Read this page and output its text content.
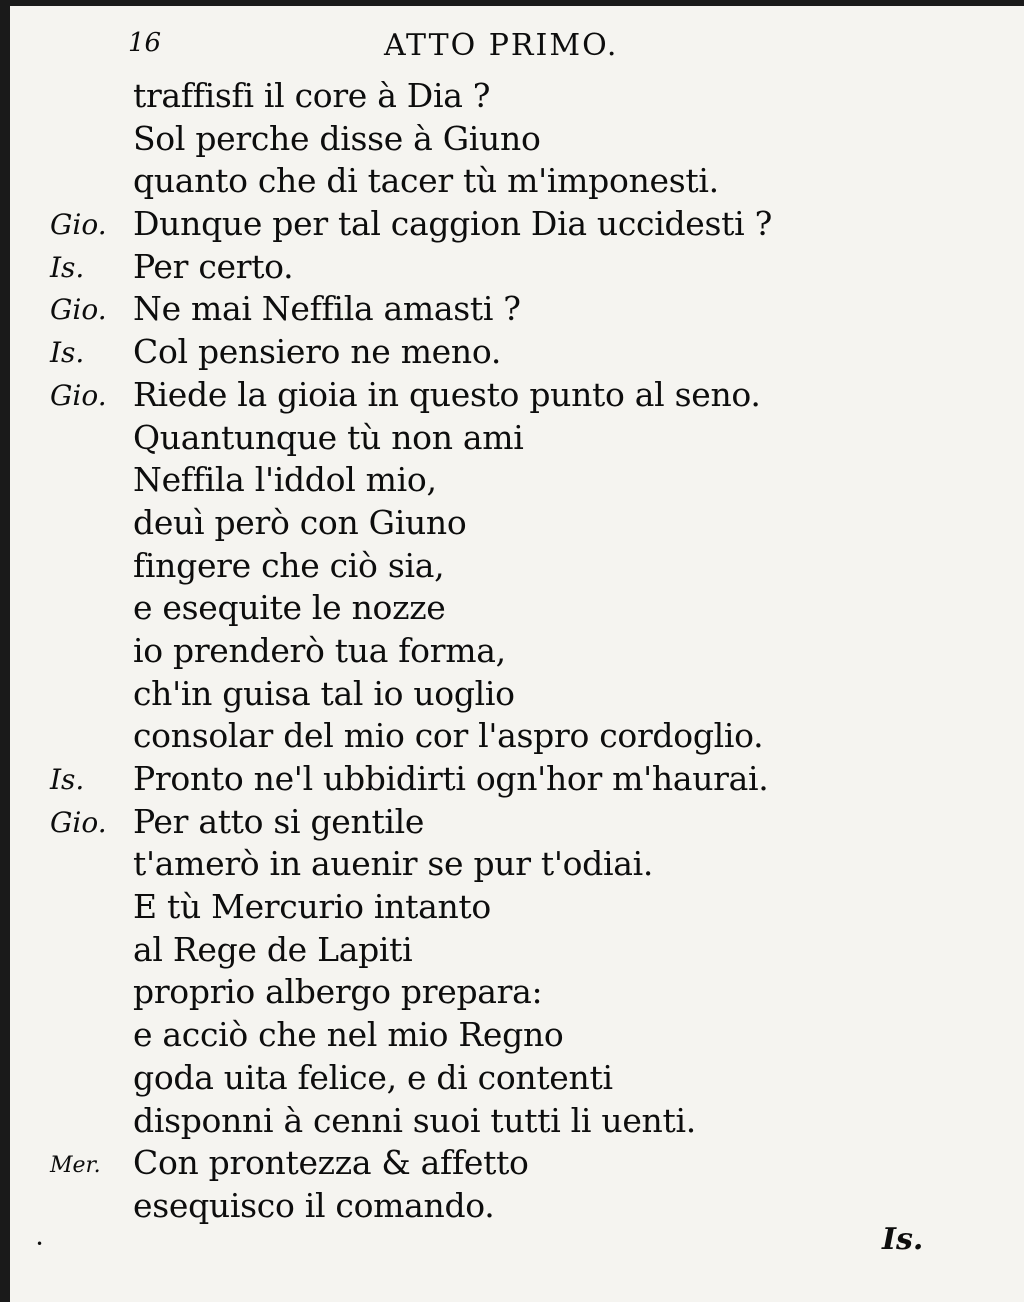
16	ATTO PRIMO.
traffisfi il core à Dia ?
Sol perche disse à Giuno
quanto che di tacer tù m'imponesti.
Gio. Dunque per tal caggion Dia uccidesti ?
Is. Per certo.
Gio. Ne mai Neffila amasti ?
Is. Col pensiero ne meno.
Gio. Riede la gioia in questo punto al seno.
Quantunque tù non ami
Neffila l'iddol mio,
deuì però con Giuno
fingere che ciò sia,
e esequite le nozze
io prenderò tua forma,
ch'in guisa tal io uoglio
consolar del mio cor l'aspro cordoglio.
Is. Pronto ne'l ubbidirti ogn'hor m'haurai.
Gio. Per atto si gentile
t'amerò in auenir se pur t'odiai.
E tù Mercurio intanto
al Rege de Lapiti
proprio albergo prepara:
e acciò che nel mio Regno
goda uita felice, e di contenti
disponni à cenni suoi tutti li uenti.
Mer. Con prontezza & affetto
esequisco il comando.
•	Is.
